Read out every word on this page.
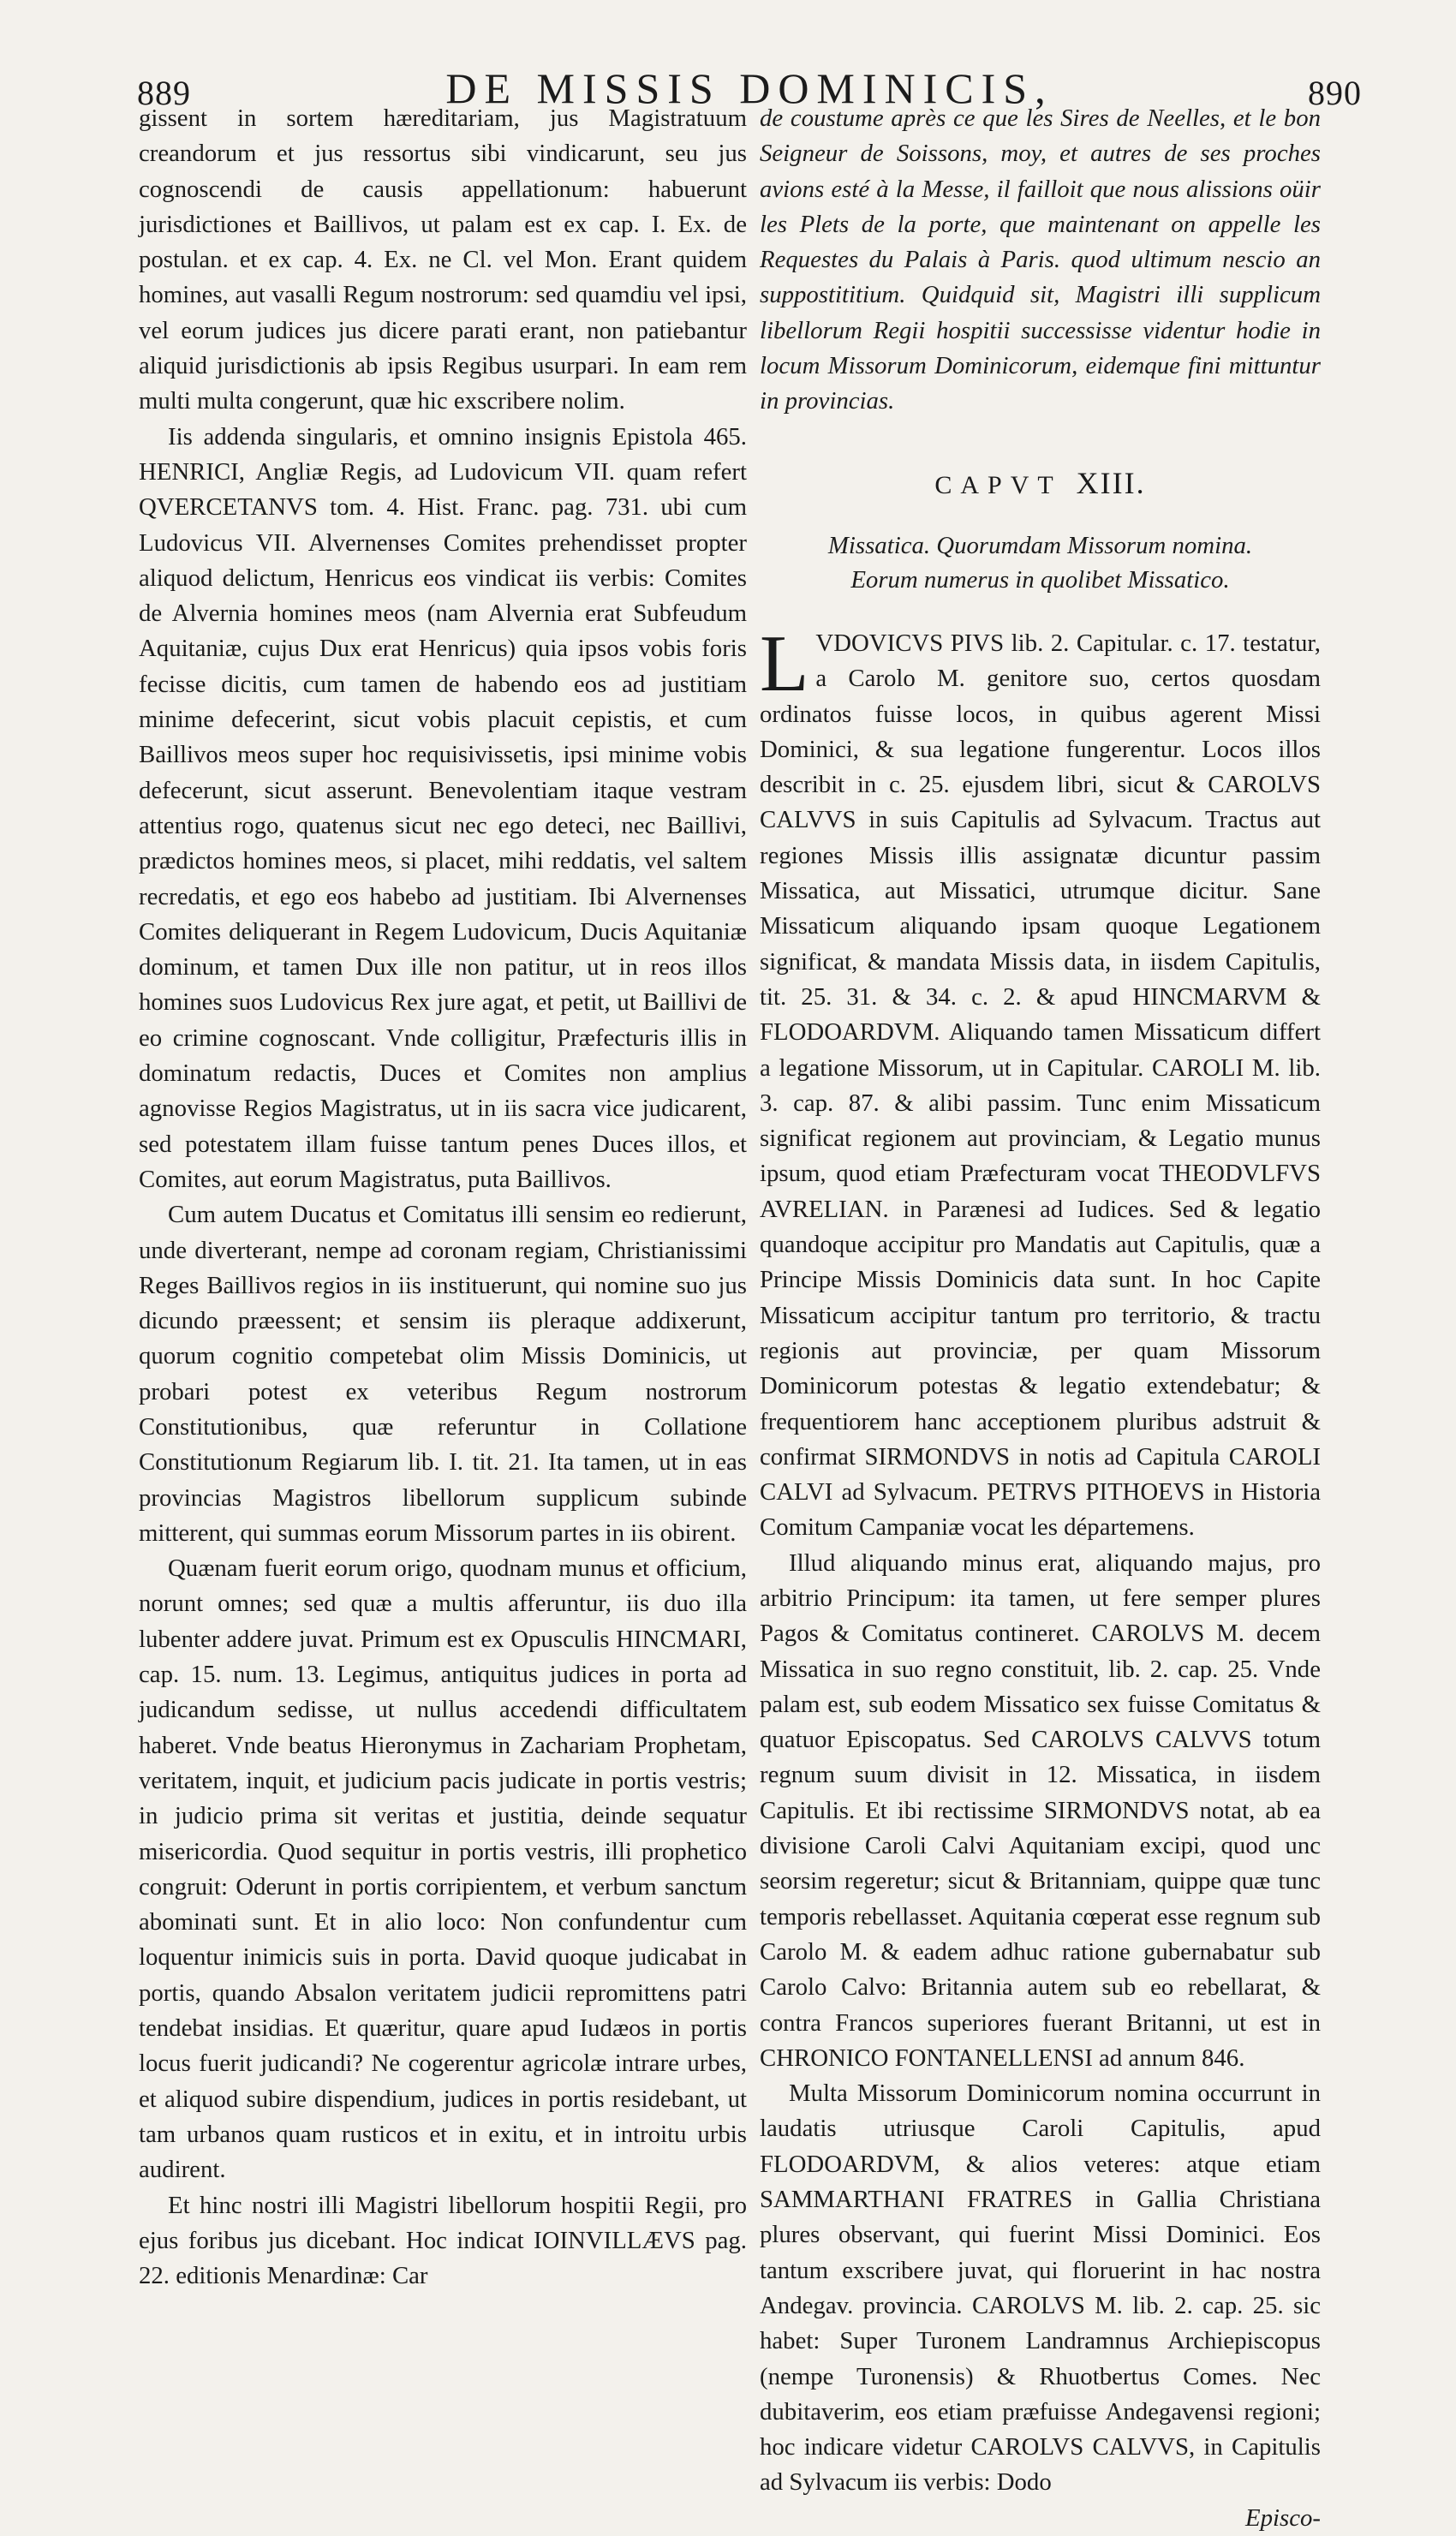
889	DE MISSIS DOMINICIS,	890

gissent in sortem hæreditariam, jus Magistratuum creandorum et jus ressortus sibi vindicarunt, seu jus cognoscendi de causis appellationum: habuerunt jurisdictiones et Baillivos, ut palam est ex cap. I. Ex. de postulan. et ex cap. 4. Ex. ne Cl. vel Mon. Erant quidem homines, aut vasalli Regum nostrorum: sed quamdiu vel ipsi, vel eorum judices jus dicere parati erant, non patiebantur aliquid jurisdictionis ab ipsis Regibus usurpari. In eam rem multi multa congerunt, quæ hic exscribere nolim.

Iis addenda singularis, et omnino insignis Epistola 465. HENRICI, Angliæ Regis, ad Ludovicum VII. quam refert QVERCETANVS tom. 4. Hist. Franc. pag. 731. ubi cum Ludovicus VII. Alvernenses Comites prehendisset propter aliquod delictum, Henricus eos vindicat iis verbis: Comites de Alvernia homines meos (nam Alvernia erat Subfeudum Aquitaniæ, cujus Dux erat Henricus) quia ipsos vobis foris fecisse dicitis, cum tamen de habendo eos ad justitiam minime defecerint, sicut vobis placuit cepistis, et cum Baillivos meos super hoc requisivissetis, ipsi minime vobis defecerunt, sicut asserunt. Benevolentiam itaque vestram attentius rogo, quatenus sicut nec ego deteci, nec Baillivi, prædictos homines meos, si placet, mihi reddatis, vel saltem recredatis, et ego eos habebo ad justitiam. Ibi Alvernenses Comites deliquerant in Regem Ludovicum, Ducis Aquitaniæ dominum, et tamen Dux ille non patitur, ut in reos illos homines suos Ludovicus Rex jure agat, et petit, ut Baillivi de eo crimine cognoscant. Vnde colligitur, Præfecturis illis in dominatum redactis, Duces et Comites non amplius agnovisse Regios Magistratus, ut in iis sacra vice judicarent, sed potestatem illam fuisse tantum penes Duces illos, et Comites, aut eorum Magistratus, puta Baillivos.

Cum autem Ducatus et Comitatus illi sensim eo redierunt, unde diverterant, nempe ad coronam regiam, Christianissimi Reges Baillivos regios in iis instituerunt, qui nomine suo jus dicundo præessent; et sensim iis pleraque addixerunt, quorum cognitio competebat olim Missis Dominicis, ut probari potest ex veteribus Regum nostrorum Constitutionibus, quæ referuntur in Collatione Constitutionum Regiarum lib. I. tit. 21. Ita tamen, ut in eas provincias Magistros libellorum supplicum subinde mitterent, qui summas eorum Missorum partes in iis obirent.

Quænam fuerit eorum origo, quodnam munus et officium, norunt omnes; sed quæ a multis afferuntur, iis duo illa lubenter addere juvat. Primum est ex Opusculis HINCMARI, cap. 15. num. 13. Legimus, antiquitus judices in porta ad judicandum sedisse, ut nullus accedendi difficultatem haberet. Vnde beatus Hieronymus in Zachariam Prophetam, veritatem, inquit, et judicium pacis judicate in portis vestris; in judicio prima sit veritas et justitia, deinde sequatur misericordia. Quod sequitur in portis vestris, illi prophetico congruit: Oderunt in portis corripientem, et verbum sanctum abominati sunt. Et in alio loco: Non confundentur cum loquentur inimicis suis in porta. David quoque judicabat in portis, quando Absalon veritatem judicii repromittens patri tendebat insidias. Et quæritur, quare apud Iudæos in portis locus fuerit judicandi? Ne cogerentur agricolæ intrare urbes, et aliquod subire dispendium, judices in portis residebant, ut tam urbanos quam rusticos et in exitu, et in introitu urbis audirent.

Et hinc nostri illi Magistri libellorum hospitii Regii, pro ejus foribus jus dicebant. Hoc indicat IOINVILLÆVS pag. 22. editionis Menardinæ: Car

de coustume après ce que les Sires de Neelles, et le bon Seigneur de Soissons, moy, et autres de ses proches avions esté à la Messe, il failloit que nous alissions oüir les Plets de la porte, que maintenant on appelle les Requestes du Palais à Paris. quod ultimum nescio an suppostititium. Quidquid sit, Magistri illi supplicum libellorum Regii hospitii successisse videntur hodie in locum Missorum Dominicorum, eidemque fini mittuntur in provincias.

CAPVT XIII.
Missatica. Quorumdam Missorum nomina.
Eorum numerus in quolibet Missatico.

LVDOVICVS PIVS lib. 2. Capitular. c. 17. testatur, a Carolo M. genitore suo, certos quosdam ordinatos fuisse locos, in quibus agerent Missi Dominici, & sua legatione fungerentur. Locos illos describit in c. 25. ejusdem libri, sicut & CAROLVS CALVVS in suis Capitulis ad Sylvacum. Tractus aut regiones Missis illis assignatæ dicuntur passim Missatica, aut Missatici, utrumque dicitur. Sane Missaticum aliquando ipsam quoque Legationem significat, & mandata Missis data, in iisdem Capitulis, tit. 25. 31. & 34. c. 2. & apud HINCMARVM & FLODOARDVM. Aliquando tamen Missaticum differt a legatione Missorum, ut in Capitular. CAROLI M. lib. 3. cap. 87. & alibi passim. Tunc enim Missaticum significat regionem aut provinciam, & Legatio munus ipsum, quod etiam Præfecturam vocat THEODVLFVS AVRELIAN. in Parænesi ad Iudices. Sed & legatio quandoque accipitur pro Mandatis aut Capitulis, quæ a Principe Missis Dominicis data sunt. In hoc Capite Missaticum accipitur tantum pro territorio, & tractu regionis aut provinciæ, per quam Missorum Dominicorum potestas & legatio extendebatur; & frequentiorem hanc acceptionem pluribus adstruit & confirmat SIRMONDVS in notis ad Capitula CAROLI CALVI ad Sylvacum. PETRVS PITHOEVS in Historia Comitum Campaniæ vocat les départemens.

Illud aliquando minus erat, aliquando majus, pro arbitrio Principum: ita tamen, ut fere semper plures Pagos & Comitatus contineret. CAROLVS M. decem Missatica in suo regno constituit, lib. 2. cap. 25. Vnde palam est, sub eodem Missatico sex fuisse Comitatus & quatuor Episcopatus. Sed CAROLVS CALVVS totum regnum suum divisit in 12. Missatica, in iisdem Capitulis. Et ibi rectissime SIRMONDVS notat, ab ea divisione Caroli Calvi Aquitaniam excipi, quod unc seorsim regeretur; sicut & Britanniam, quippe quæ tunc temporis rebellasset. Aquitania cœperat esse regnum sub Carolo M. & eadem adhuc ratione gubernabatur sub Carolo Calvo: Britannia autem sub eo rebellarat, & contra Francos superiores fuerant Britanni, ut est in CHRONICO FONTANELLENSI ad annum 846.

Multa Missorum Dominicorum nomina occurrunt in laudatis utriusque Caroli Capitulis, apud FLODOARDVM, & alios veteres: atque etiam SAMMARTHANI FRATRES in Gallia Christiana plures observant, qui fuerint Missi Dominici. Eos tantum exscribere juvat, qui floruerint in hac nostra Andegav. provincia. CAROLVS M. lib. 2. cap. 25. sic habet: Super Turonem Landramnus Archiepiscopus (nempe Turonensis) & Rhuotbertus Comes. Nec dubitaverim, eos etiam præfuisse Andegavensi regioni; hoc indicare videtur CAROLVS CALVVS, in Capitulis ad Sylvacum iis verbis: Dodo

Episco-
